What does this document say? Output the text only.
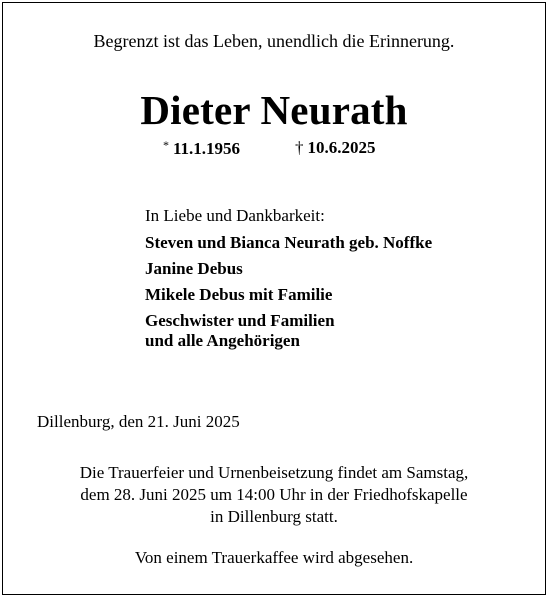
Begrenzt ist das Leben, unendlich die Erinnerung.

Dieter Neurath
* 11.1.1956	† 10.6.2025

In Liebe und Dankbarkeit:

Steven und Bianca Neurath geb. Noffke
Janine Debus
Mikele Debus mit Familie
Geschwister und Familien
und alle Angehörigen

Dillenburg, den 21. Juni 2025

Die Trauerfeier und Urnenbeisetzung findet am Samstag,
dem 28. Juni 2025 um 14:00 Uhr in der Friedhofskapelle
in Dillenburg statt.

Von einem Trauerkaffee wird abgesehen.
